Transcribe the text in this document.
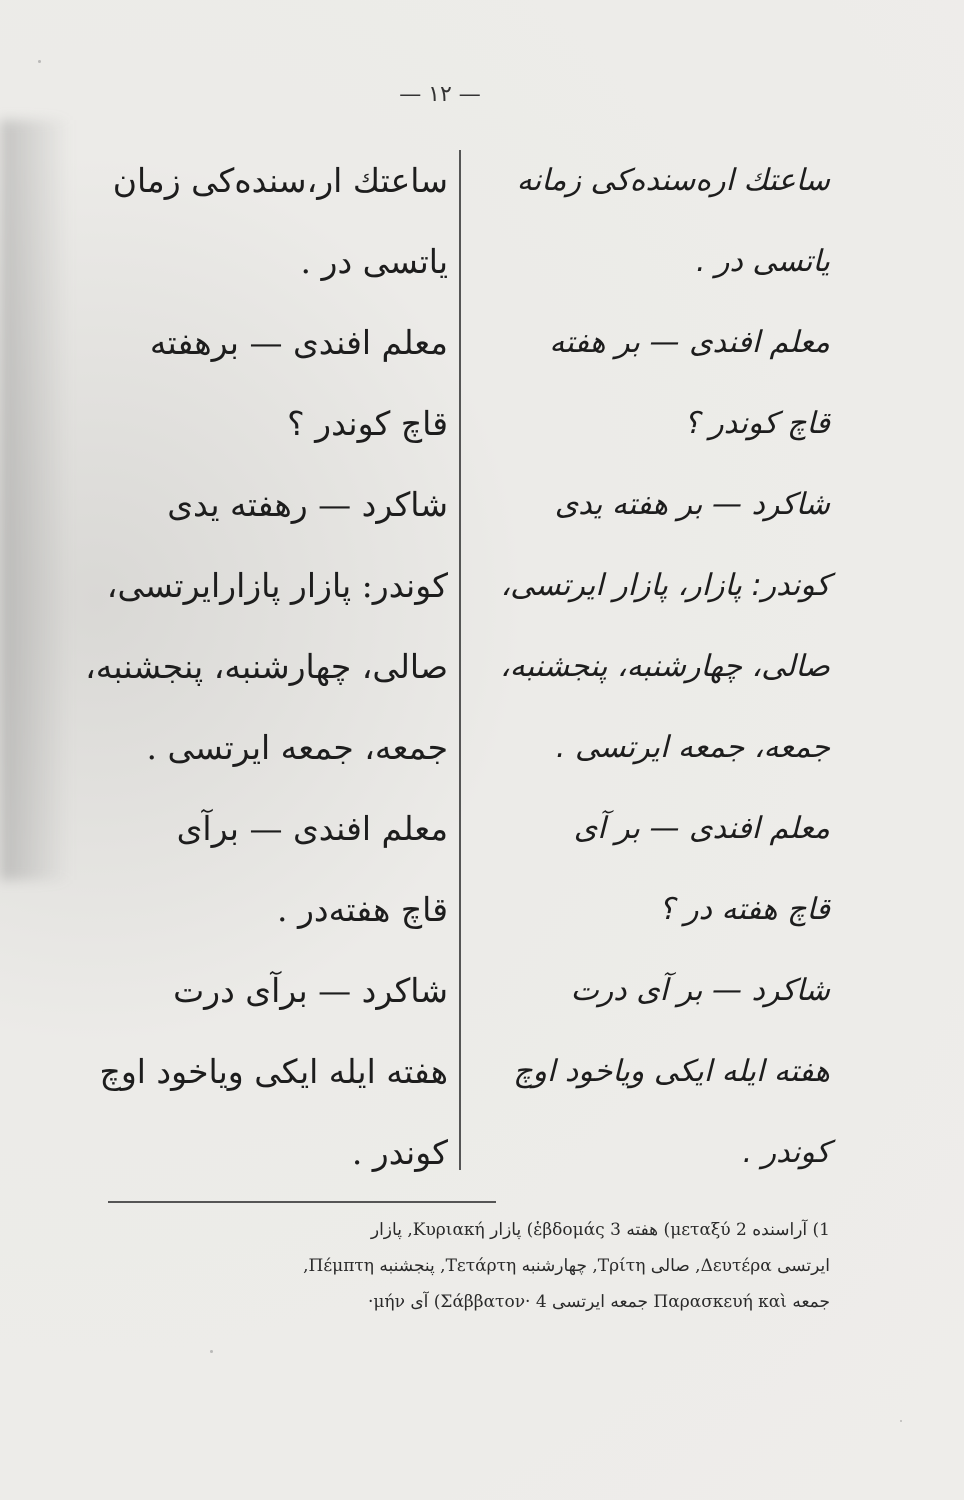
— ۱۲ —
ساعتك ار،سنده‌كی زمان
یاتسی در .
معلم افندی — برهفته
قاچ كوندر ؟
شاكرد — رهفته یدی
كوندر: پازار پازارایرتسی،
صالی، چهارشنبه، پنجشنبه،
جمعه، جمعه ایرتسی .
معلم افندی — برآی
قاچ هفته‌در .
شاكرد — برآی درت
هفته ایله ایكی ویاخود اوچ
كوندر .
ساعتك ارەسندەكی زمانە
یاتسی در .
معلم افندی — بر هفتە
قاچ كوندر ؟
شاكرد — بر هفتە یدی
كوندر: پازار، پازار ایرتسی،
صالی، چهارشنبە، پنجشنبە،
جمعە، جمعە ایرتسی .
معلم افندی — بر آی
قاچ هفتە در ؟
شاكرد — بر آی درت
هفتە ایلە ایكی ویاخود اوچ
كوندر .
1) آراسنده μεταξύ 2) هفته ἑβδομάς 3) پازار Κυριακή, پازار
ایرتسی Δευτέρα, صالی Τρίτη, چهارشنبه Τετάρτη, پنجشنبه Πέμπτη,
جمعه Παρασκευή καὶ جمعه ایرتسی Σάββατον· 4) آی μήν·
